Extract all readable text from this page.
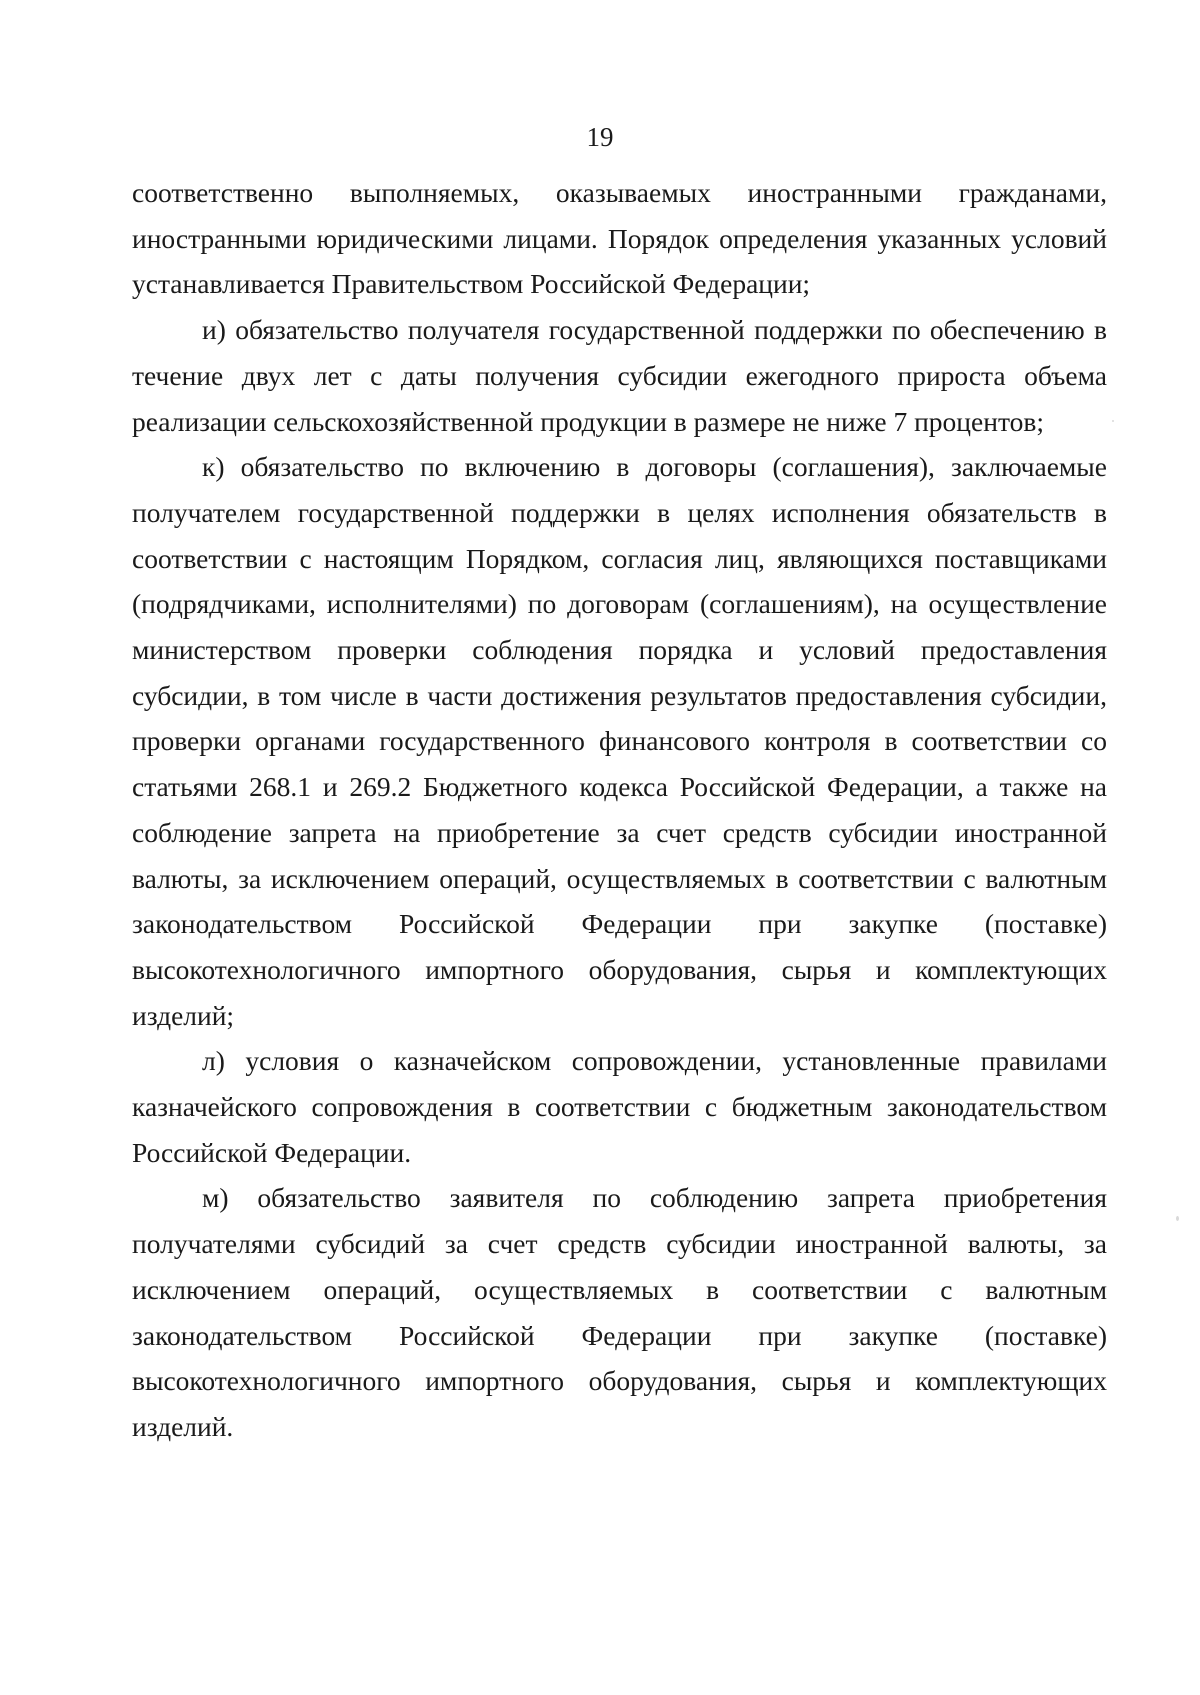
19

соответственно выполняемых, оказываемых иностранными гражданами, иностранными юридическими лицами. Порядок определения указанных условий устанавливается Правительством Российской Федерации;

и) обязательство получателя государственной поддержки по обеспечению в течение двух лет с даты получения субсидии ежегодного прироста объема реализации сельскохозяйственной продукции в размере не ниже 7 процентов;

к) обязательство по включению в договоры (соглашения), заключаемые получателем государственной поддержки в целях исполнения обязательств в соответствии с настоящим Порядком, согласия лиц, являющихся поставщиками (подрядчиками, исполнителями) по договорам (соглашениям), на осуществление министерством проверки соблюдения порядка и условий предоставления субсидии, в том числе в части достижения результатов предоставления субсидии, проверки органами государственного финансового контроля в соответствии со статьями 268.1 и 269.2 Бюджетного кодекса Российской Федерации, а также на соблюдение запрета на приобретение за счет средств субсидии иностранной валюты, за исключением операций, осуществляемых в соответствии с валютным законодательством Российской Федерации при закупке (поставке) высокотехнологичного импортного оборудования, сырья и комплектующих изделий;

л) условия о казначейском сопровождении, установленные правилами казначейского сопровождения в соответствии с бюджетным законодательством Российской Федерации.

м) обязательство заявителя по соблюдению запрета приобретения получателями субсидий за счет средств субсидии иностранной валюты, за исключением операций, осуществляемых в соответствии с валютным законодательством Российской Федерации при закупке (поставке) высокотехнологичного импортного оборудования, сырья и комплектующих изделий.
